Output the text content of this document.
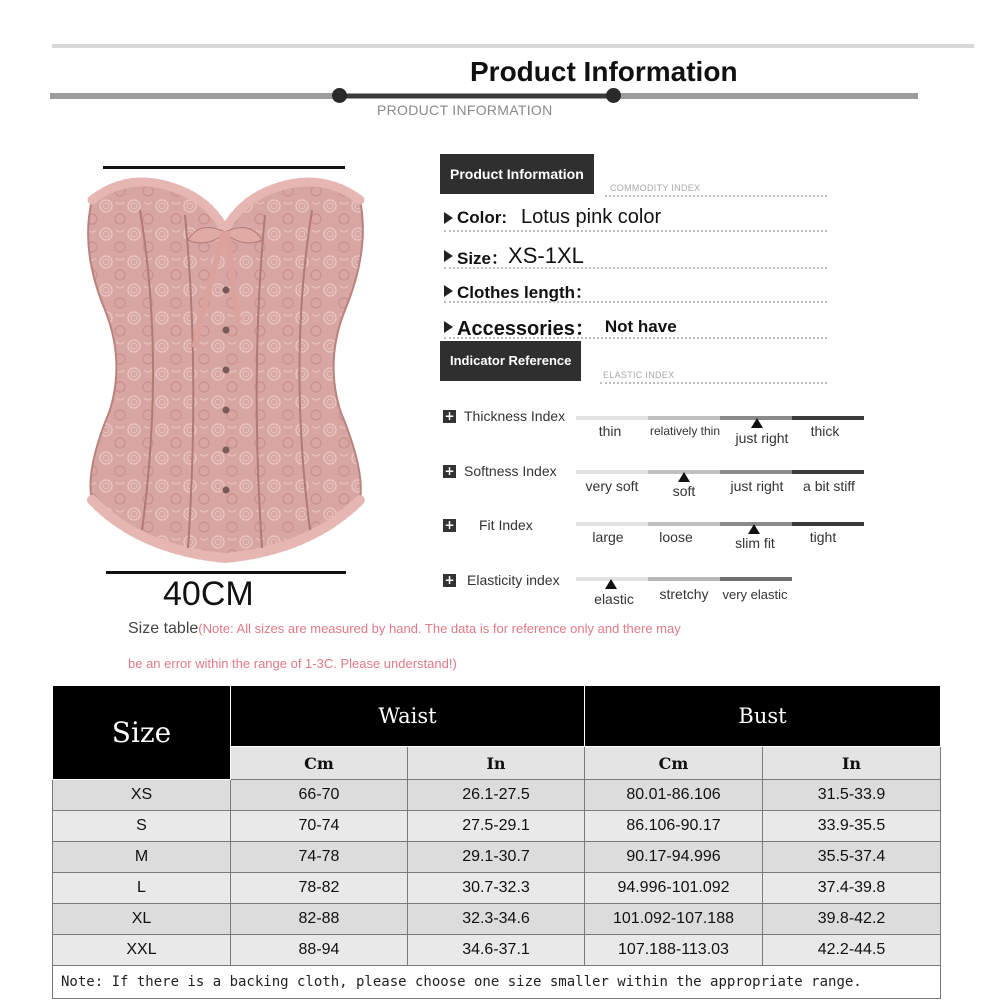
Product Information
PRODUCT INFORMATION
40CM
Product Information
COMMODITY INDEX
Color: Lotus pink color
Size： XS-1XL
Clothes length：
Accessories： Not have
Indicator Reference
ELASTIC INDEX
+ Thickness Index
thin	relatively thin	just right	thick
+ Softness Index
very soft	soft	just right	a bit stiff
+ Fit Index
large	loose	slim fit	tight
+ Elasticity index
elastic	stretchy	very elastic
Size table(Note: All sizes are measured by hand. The data is for reference only and there may
be an error within the range of 1-3C. Please understand!)
Size	Waist		Bust	
	Cm	In	Cm	In
XS	66-70	26.1-27.5	80.01-86.106	31.5-33.9
S	70-74	27.5-29.1	86.106-90.17	33.9-35.5
M	74-78	29.1-30.7	90.17-94.996	35.5-37.4
L	78-82	30.7-32.3	94.996-101.092	37.4-39.8
XL	82-88	32.3-34.6	101.092-107.188	39.8-42.2
XXL	88-94	34.6-37.1	107.188-113.03	42.2-44.5
Note: If there is a backing cloth, please choose one size smaller within the appropriate range.				
